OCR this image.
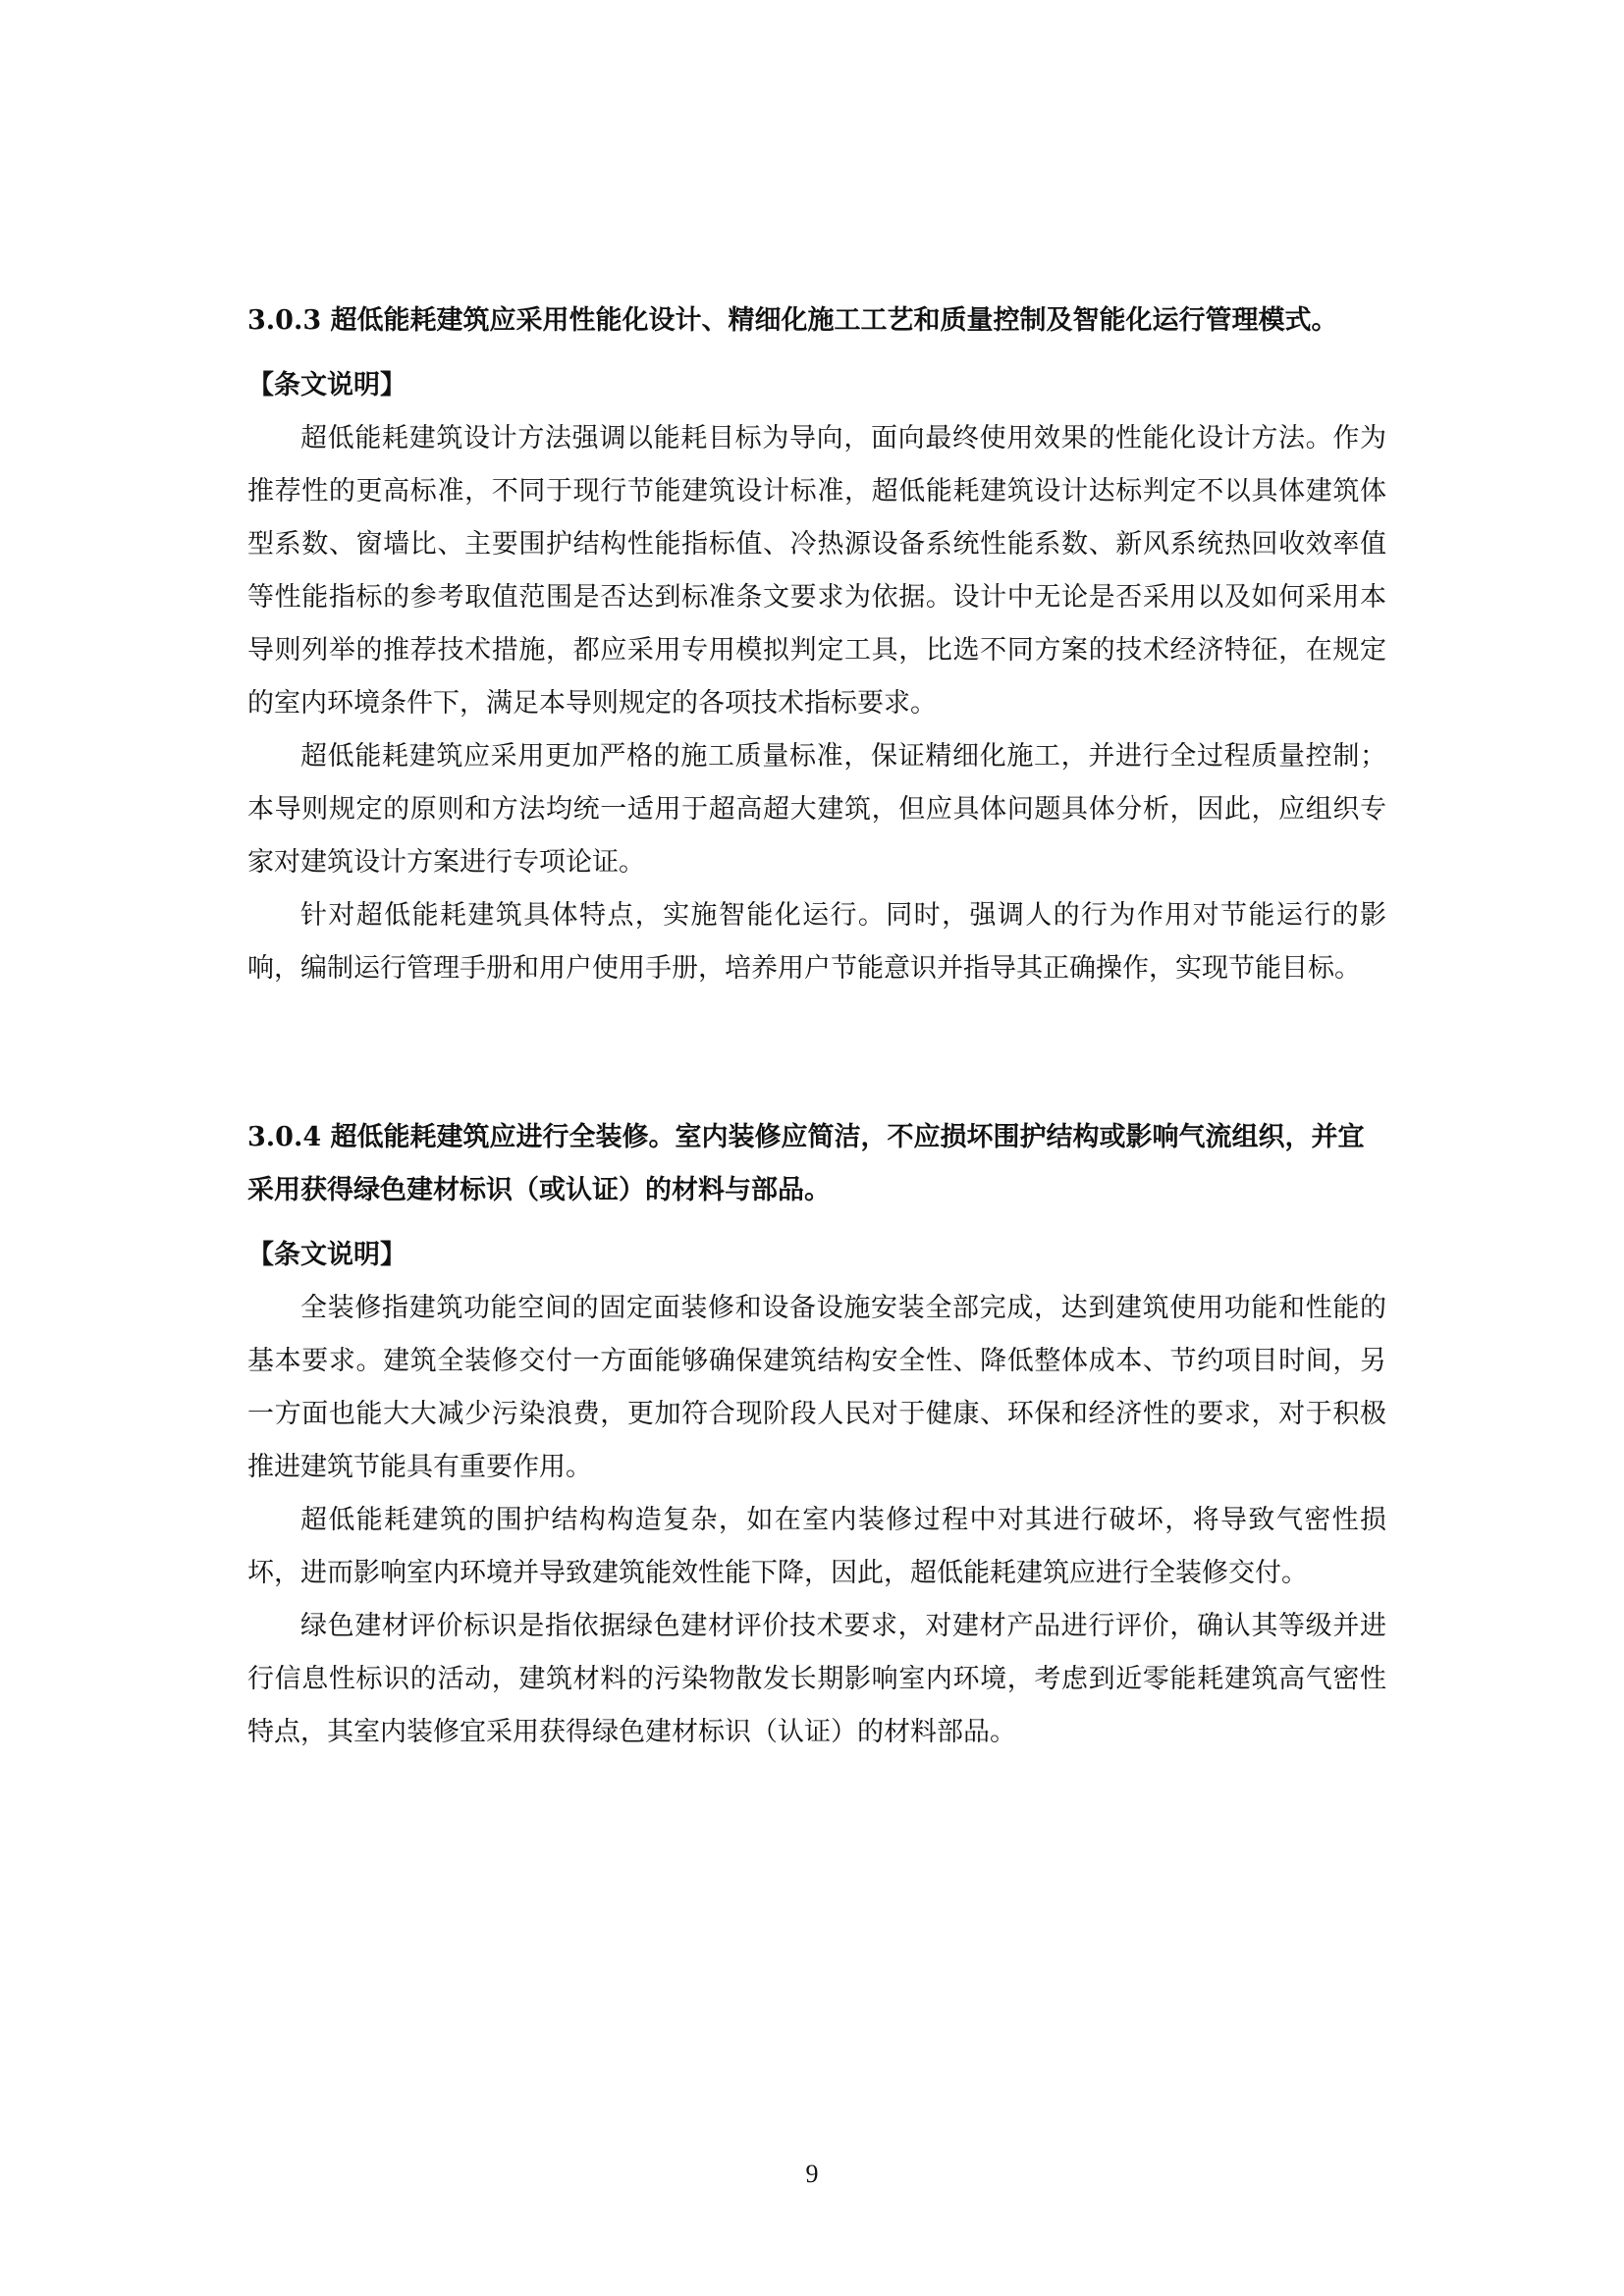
3.0.3 超低能耗建筑应采用性能化设计、精细化施工工艺和质量控制及智能化运行管理模式。

【条文说明】

超低能耗建筑设计方法强调以能耗目标为导向，面向最终使用效果的性能化设计方法。作为推荐性的更高标准，不同于现行节能建筑设计标准，超低能耗建筑设计达标判定不以具体建筑体型系数、窗墙比、主要围护结构性能指标值、冷热源设备系统性能系数、新风系统热回收效率值等性能指标的参考取值范围是否达到标准条文要求为依据。设计中无论是否采用以及如何采用本导则列举的推荐技术措施，都应采用专用模拟判定工具，比选不同方案的技术经济特征，在规定的室内环境条件下，满足本导则规定的各项技术指标要求。

超低能耗建筑应采用更加严格的施工质量标准，保证精细化施工，并进行全过程质量控制；本导则规定的原则和方法均统一适用于超高超大建筑，但应具体问题具体分析，因此，应组织专家对建筑设计方案进行专项论证。

针对超低能耗建筑具体特点，实施智能化运行。同时，强调人的行为作用对节能运行的影响，编制运行管理手册和用户使用手册，培养用户节能意识并指导其正确操作，实现节能目标。

3.0.4 超低能耗建筑应进行全装修。室内装修应简洁，不应损坏围护结构或影响气流组织，并宜采用获得绿色建材标识（或认证）的材料与部品。

【条文说明】

全装修指建筑功能空间的固定面装修和设备设施安装全部完成，达到建筑使用功能和性能的基本要求。建筑全装修交付一方面能够确保建筑结构安全性、降低整体成本、节约项目时间，另一方面也能大大减少污染浪费，更加符合现阶段人民对于健康、环保和经济性的要求，对于积极推进建筑节能具有重要作用。

超低能耗建筑的围护结构构造复杂，如在室内装修过程中对其进行破坏，将导致气密性损坏，进而影响室内环境并导致建筑能效性能下降，因此，超低能耗建筑应进行全装修交付。

绿色建材评价标识是指依据绿色建材评价技术要求，对建材产品进行评价，确认其等级并进行信息性标识的活动，建筑材料的污染物散发长期影响室内环境，考虑到近零能耗建筑高气密性特点，其室内装修宜采用获得绿色建材标识（认证）的材料部品。

9
